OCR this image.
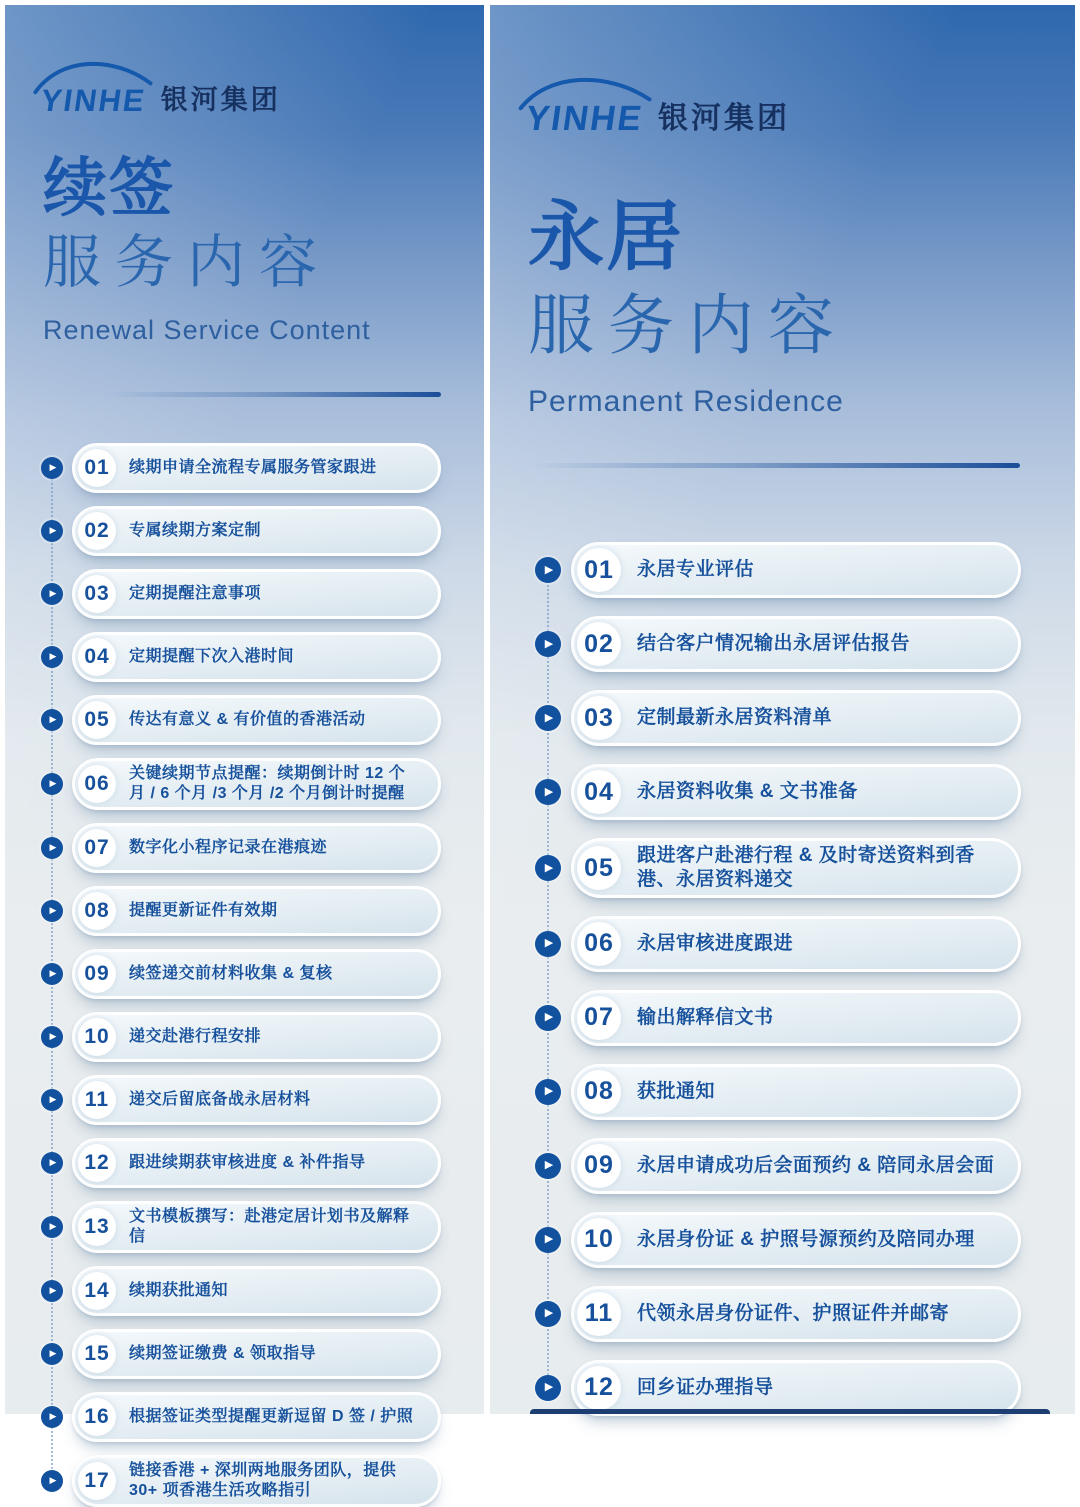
YINHE 银河集团
续签
服务内容
Renewal Service Content
▶	01	续期申请全流程专属服务管家跟进
▶	02	专属续期方案定制
▶	03	定期提醒注意事项
▶	04	定期提醒下次入港时间
▶	05	传达有意义 & 有价值的香港活动
▶	06	关键续期节点提醒：续期倒计时 12 个月 / 6 个月 /3 个月 /2 个月倒计时提醒
▶	07	数字化小程序记录在港痕迹
▶	08	提醒更新证件有效期
▶	09	续签递交前材料收集 & 复核
▶	10	递交赴港行程安排
▶	11	递交后留底备战永居材料
▶	12	跟进续期获审核进度 & 补件指导
▶	13	文书模板撰写：赴港定居计划书及解释信
▶	14	续期获批通知
▶	15	续期签证缴费 & 领取指导
▶	16	根据签证类型提醒更新逗留 D 签 / 护照
▶	17	链接香港 + 深圳两地服务团队，提供 30+ 项香港生活攻略指引
YINHE 银河集团
永居
服务内容
Permanent Residence
▶ 01	永居专业评估
▶ 02	结合客户情况输出永居评估报告
▶ 03	定制最新永居资料清单
▶ 04	永居资料收集 & 文书准备
▶ 05	跟进客户赴港行程 & 及时寄送资料到香港、永居资料递交
▶ 06	永居审核进度跟进
▶ 07	输出解释信文书
▶ 08	获批通知
▶ 09	永居申请成功后会面预约 & 陪同永居会面
▶ 10	永居身份证 & 护照号源预约及陪同办理
▶	11	代领永居身份证件、护照证件并邮寄
▶ 12	回乡证办理指导
